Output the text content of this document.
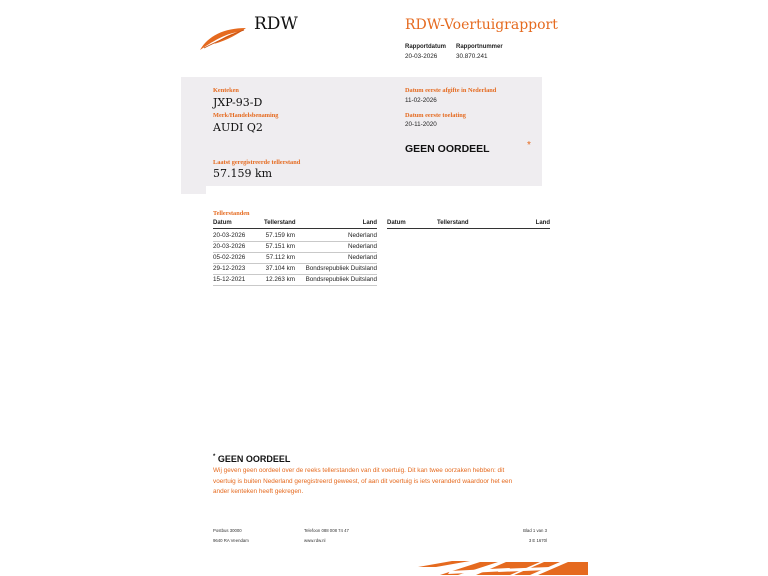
RDW	RDW-Voertuigrapport
Rapportdatum
20-03-2026
Rapportnummer
30.870.241
Kenteken
JXP-93-D
Merk/Handelsbenaming
AUDI Q2
Datum eerste afgifte in Nederland
11-02-2026
Datum eerste toelating
20-11-2020
GEEN OORDEEL	*
Laatst geregistreerde tellerstand
57.159 km
Tellerstanden
Datum	Tellerstand	Land Datum	Tellerstand	Land
20-03-2026	57.159 km	Nederland
20-03-2026	57.151 km	Nederland
05-02-2026	57.112 km	Nederland
29-12-2023	37.104 km	Bondsrepubliek Duitsland
15-12-2021	12.263 km	Bondsrepubliek Duitsland
* GEEN OORDEEL
Wij geven geen oordeel over de reeks tellerstanden van dit voertuig. Dit kan twee oorzaken hebben: dit voertuig is buiten Nederland geregistreerd geweest, of aan dit voertuig is iets veranderd waardoor het een ander kenteken heeft gekregen.
Postbus 30000
9640 RA Veendam
Telefoon 088 008 74 47
www.rdw.nl
Blad 1 van 3
3 E 1670l
